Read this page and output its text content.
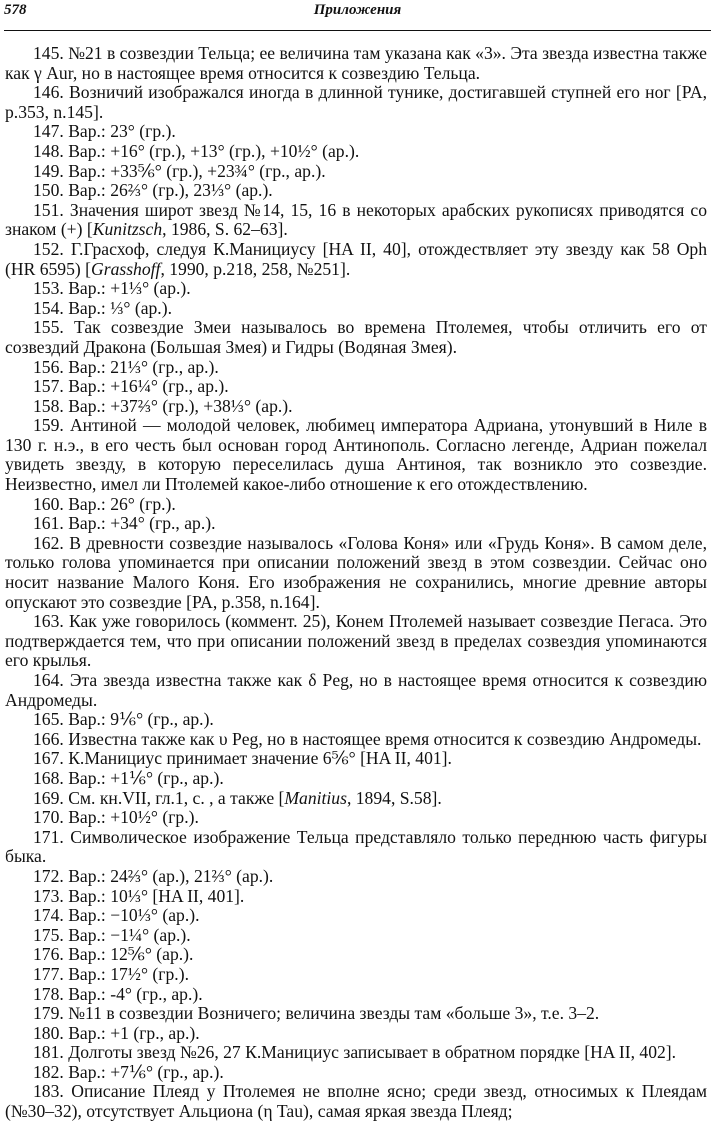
578	Приложения

145. №21 в созвездии Тельца; ее величина там указана как «3». Эта звезда известна также как γ Aur, но в настоящее время относится к созвездию Тельца.

146. Возничий изображался иногда в длинной тунике, достигавшей ступней его ног [PA, p.353, n.145].

147. Вар.: 23° (гр.).

148. Вар.: +16° (гр.), +13° (гр.), +10½° (ар.).

149. Вар.: +33⅚° (гр.), +23¾° (гр., ар.).

150. Вар.: 26⅔° (гр.), 23⅓° (ар.).

151. Значения широт звезд №14, 15, 16 в некоторых арабских рукописях приводятся со знаком (+) [Kunitzsch, 1986, S. 62–63].

152. Г.Грасхоф, следуя К.Манициусу [HA II, 40], отождествляет эту звезду как 58 Oph (HR 6595) [Grasshoff, 1990, p.218, 258, №251].

153. Вар.: +1⅓° (ар.).

154. Вар.: ⅓° (ар.).

155. Так созвездие Змеи называлось во времена Птолемея, чтобы отличить его от созвездий Дракона (Большая Змея) и Гидры (Водяная Змея).

156. Вар.: 21⅓° (гр., ар.).

157. Вар.: +16¼° (гр., ар.).

158. Вар.: +37⅔° (гр.), +38⅓° (ар.).

159. Антиной — молодой человек, любимец императора Адриана, утонувший в Ниле в 130 г. н.э., в его честь был основан город Антинополь. Согласно легенде, Адриан пожелал увидеть звезду, в которую переселилась душа Антиноя, так возникло это созвездие. Неизвестно, имел ли Птолемей какое-либо отношение к его отождествлению.

160. Вар.: 26° (гр.).

161. Вар.: +34° (гр., ар.).

162. В древности созвездие называлось «Голова Коня» или «Грудь Коня». В самом деле, только голова упоминается при описании положений звезд в этом созвездии. Сейчас оно носит название Малого Коня. Его изображения не сохранились, многие древние авторы опускают это созвездие [PA, p.358, n.164].

163. Как уже говорилось (коммент. 25), Конем Птолемей называет созвездие Пегаса. Это подтверждается тем, что при описании положений звезд в пределах созвездия упоминаются его крылья.

164. Эта звезда известна также как δ Peg, но в настоящее время относится к созвездию Андромеды.

165. Вар.: 9⅙° (гр., ар.).

166. Известна также как υ Peg, но в настоящее время относится к созвездию Андромеды.

167. К.Манициус принимает значение 6⅚° [HA II, 401].

168. Вар.: +1⅙° (гр., ар.).

169. См. кн.VII, гл.1, с. , а также [Manitius, 1894, S.58].

170. Вар.: +10½° (гр.).

171. Символическое изображение Тельца представляло только переднюю часть фигуры быка.

172. Вар.: 24⅔° (ар.), 21⅔° (ар.).

173. Вар.: 10⅓° [HA II, 401].

174. Вар.: −10⅓° (ар.).

175. Вар.: −1¼° (ар.).

176. Вар.: 12⅚° (ар.).

177. Вар.: 17½° (гр.).

178. Вар.: -4° (гр., ар.).

179. №11 в созвездии Возничего; величина звезды там «больше 3», т.е. 3–2.

180. Вар.: +1 (гр., ар.).

181. Долготы звезд №26, 27 К.Манициус записывает в обратном порядке [HA II, 402].

182. Вар.: +7⅙° (гр., ар.).

183. Описание Плеяд у Птолемея не вполне ясно; среди звезд, относимых к Плеядам (№30–32), отсутствует Альциона (η Tau), самая яркая звезда Плеяд;
